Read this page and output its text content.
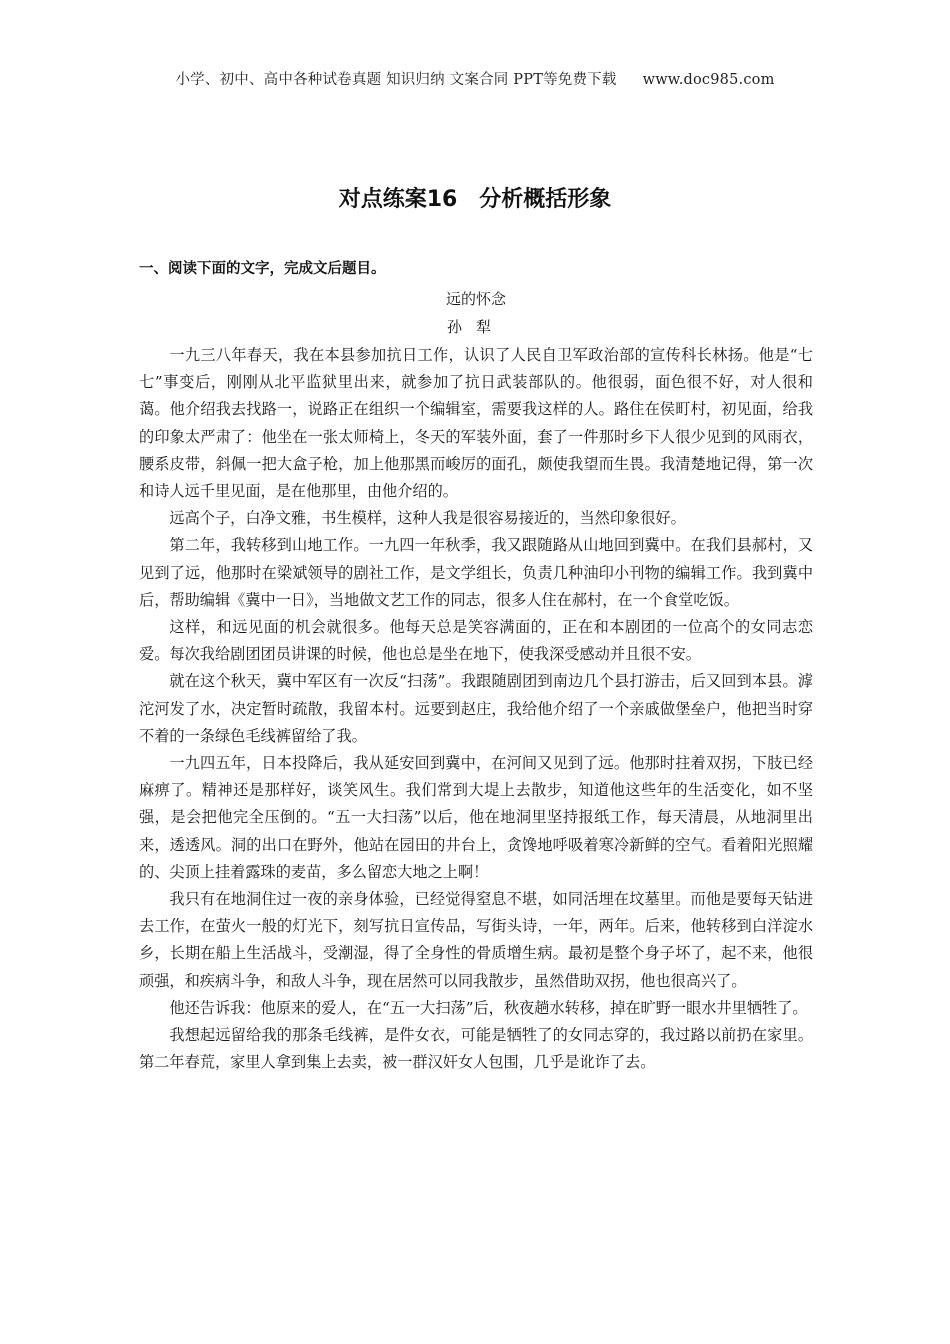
小学、初中、高中各种试卷真题 知识归纳 文案合同 PPT等免费下载 www.doc985.com
对点练案16　分析概括形象
一、阅读下面的文字，完成文后题目。
远的怀念
孙犁

一九三八年春天，我在本县参加抗日工作，认识了人民自卫军政治部的宣传科长林扬。他是“七七”事变后，刚刚从北平监狱里出来，就参加了抗日武装部队的。他很弱，面色很不好，对人很和蔼。他介绍我去找路一，说路正在组织一个编辑室，需要我这样的人。路住在侯町村，初见面，给我的印象太严肃了：他坐在一张太师椅上，冬天的军装外面，套了一件那时乡下人很少见到的风雨衣，腰系皮带，斜佩一把大盒子枪，加上他那黑而峻厉的面孔，颇使我望而生畏。我清楚地记得，第一次和诗人远千里见面，是在他那里，由他介绍的。

远高个子，白净文雅，书生模样，这种人我是很容易接近的，当然印象很好。

第二年，我转移到山地工作。一九四一年秋季，我又跟随路从山地回到冀中。在我们县郝村，又见到了远，他那时在梁斌领导的剧社工作，是文学组长，负责几种油印小刊物的编辑工作。我到冀中后，帮助编辑《冀中一日》，当地做文艺工作的同志，很多人住在郝村，在一个食堂吃饭。

这样，和远见面的机会就很多。他每天总是笑容满面的，正在和本剧团的一位高个的女同志恋爱。每次我给剧团团员讲课的时候，他也总是坐在地下，使我深受感动并且很不安。

就在这个秋天，冀中军区有一次反“扫荡”。我跟随剧团到南边几个县打游击，后又回到本县。滹沱河发了水，决定暂时疏散，我留本村。远要到赵庄，我给他介绍了一个亲戚做堡垒户，他把当时穿不着的一条绿色毛线裤留给了我。

一九四五年，日本投降后，我从延安回到冀中，在河间又见到了远。他那时拄着双拐，下肢已经麻痹了。精神还是那样好，谈笑风生。我们常到大堤上去散步，知道他这些年的生活变化，如不坚强，是会把他完全压倒的。“五一大扫荡”以后，他在地洞里坚持报纸工作，每天清晨，从地洞里出来，透透风。洞的出口在野外，他站在园田的井台上，贪馋地呼吸着寒冷新鲜的空气。看着阳光照耀的、尖顶上挂着露珠的麦苗，多么留恋大地之上啊！

我只有在地洞住过一夜的亲身体验，已经觉得窒息不堪，如同活埋在坟墓里。而他是要每天钻进去工作，在萤火一般的灯光下，刻写抗日宣传品，写街头诗，一年，两年。后来，他转移到白洋淀水乡，长期在船上生活战斗，受潮湿，得了全身性的骨质增生病。最初是整个身子坏了，起不来，他很顽强，和疾病斗争，和敌人斗争，现在居然可以同我散步，虽然借助双拐，他也很高兴了。

他还告诉我：他原来的爱人，在“五一大扫荡”后，秋夜趟水转移，掉在旷野一眼水井里牺牲了。

我想起远留给我的那条毛线裤，是件女衣，可能是牺牲了的女同志穿的，我过路以前扔在家里。第二年春荒，家里人拿到集上去卖，被一群汉奸女人包围，几乎是讹诈了去。
